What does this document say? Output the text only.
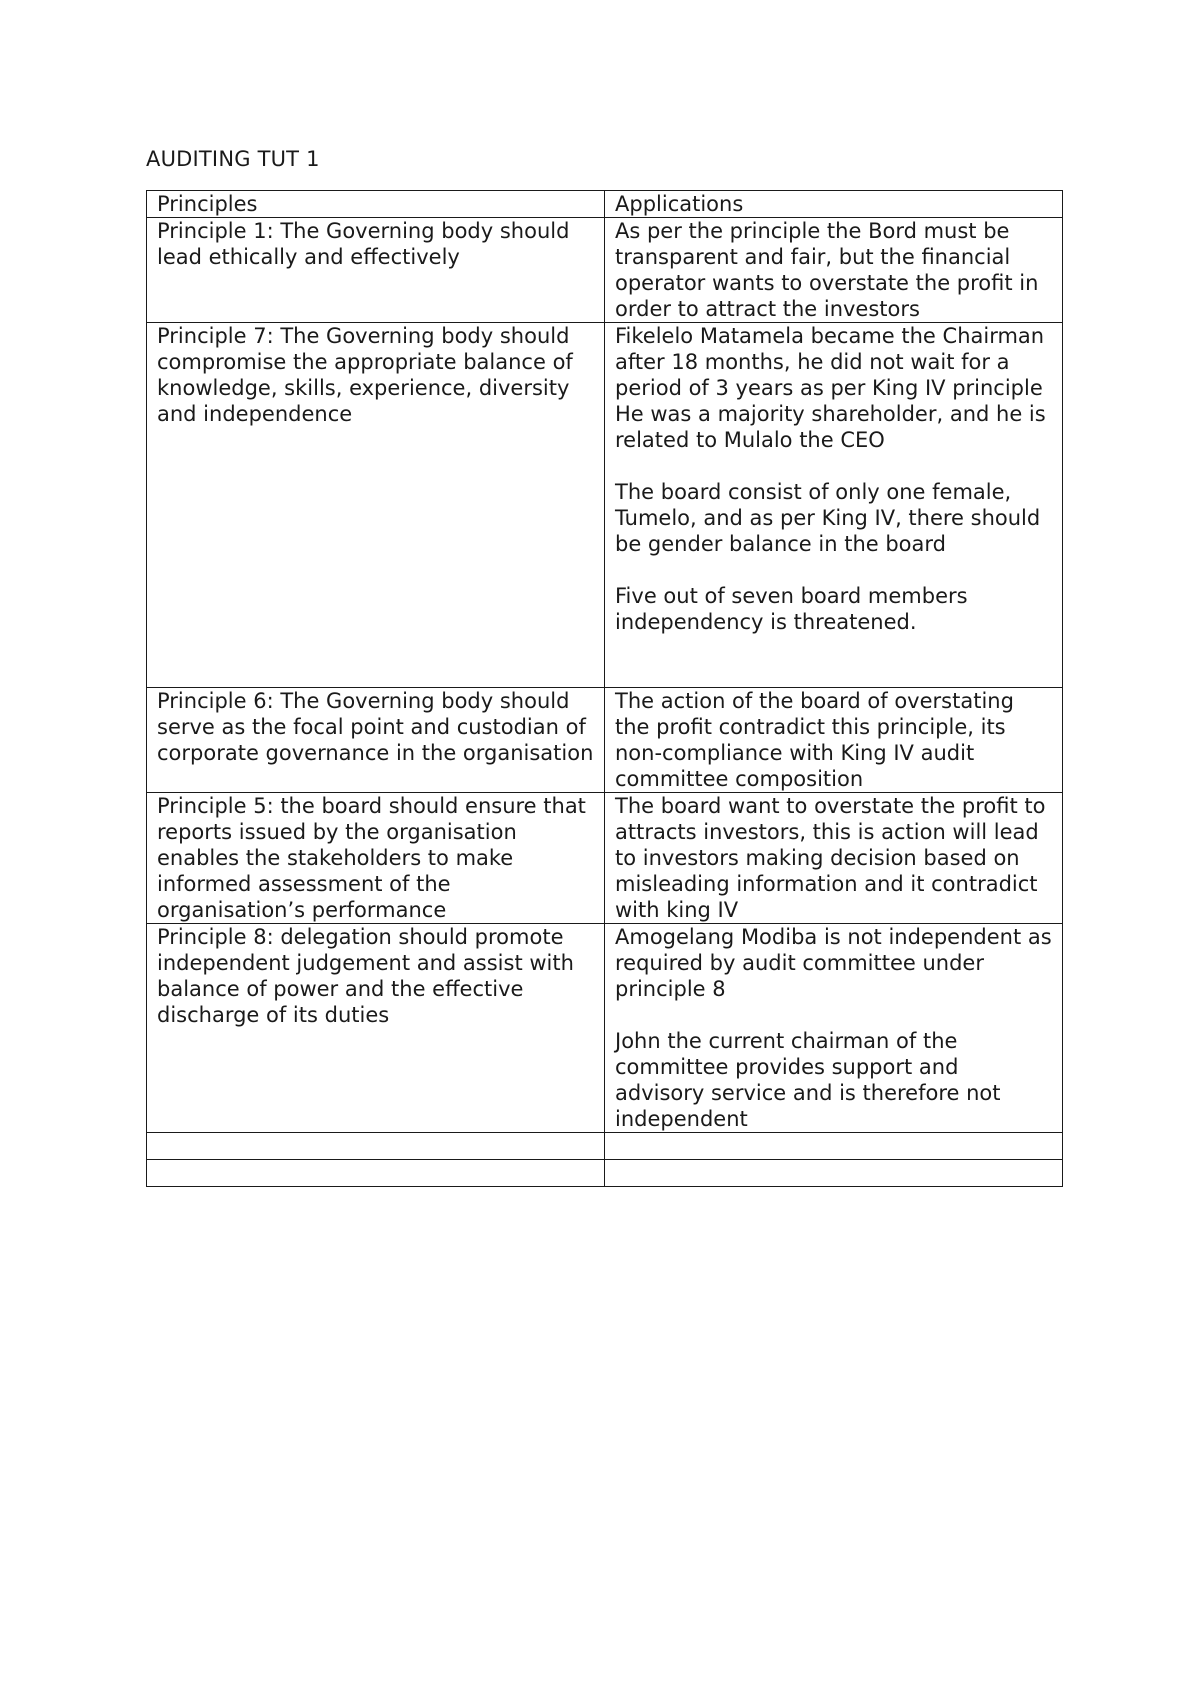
AUDITING TUT 1
Principles	Applications
Principle 1: The Governing body should lead ethically and effectively	As per the principle the Bord must be transparent and fair, but the financial operator wants to overstate the profit in order to attract the investors
Principle 7: The Governing body should compromise the appropriate balance of knowledge, skills, experience, diversity and independence	Fikelelo Matamela became the Chairman after 18 months, he did not wait for a period of 3 years as per King IV principle
He was a majority shareholder, and he is related to Mulalo the CEO

The board consist of only one female, Tumelo, and as per King IV, there should be gender balance in the board

Five out of seven board members independency is threatened.
Principle 6: The Governing body should serve as the focal point and custodian of corporate governance in the organisation	The action of the board of overstating the profit contradict this principle, its non-compliance with King IV audit committee composition
Principle 5: the board should ensure that reports issued by the organisation enables the stakeholders to make informed assessment of the organisation’s performance	The board want to overstate the profit to attracts investors, this is action will lead to investors making decision based on misleading information and it contradict with king IV
Principle 8: delegation should promote independent judgement and assist with balance of power and the effective discharge of its duties	Amogelang Modiba is not independent as required by audit committee under principle 8

John the current chairman of the committee provides support and advisory service and is therefore not independent
